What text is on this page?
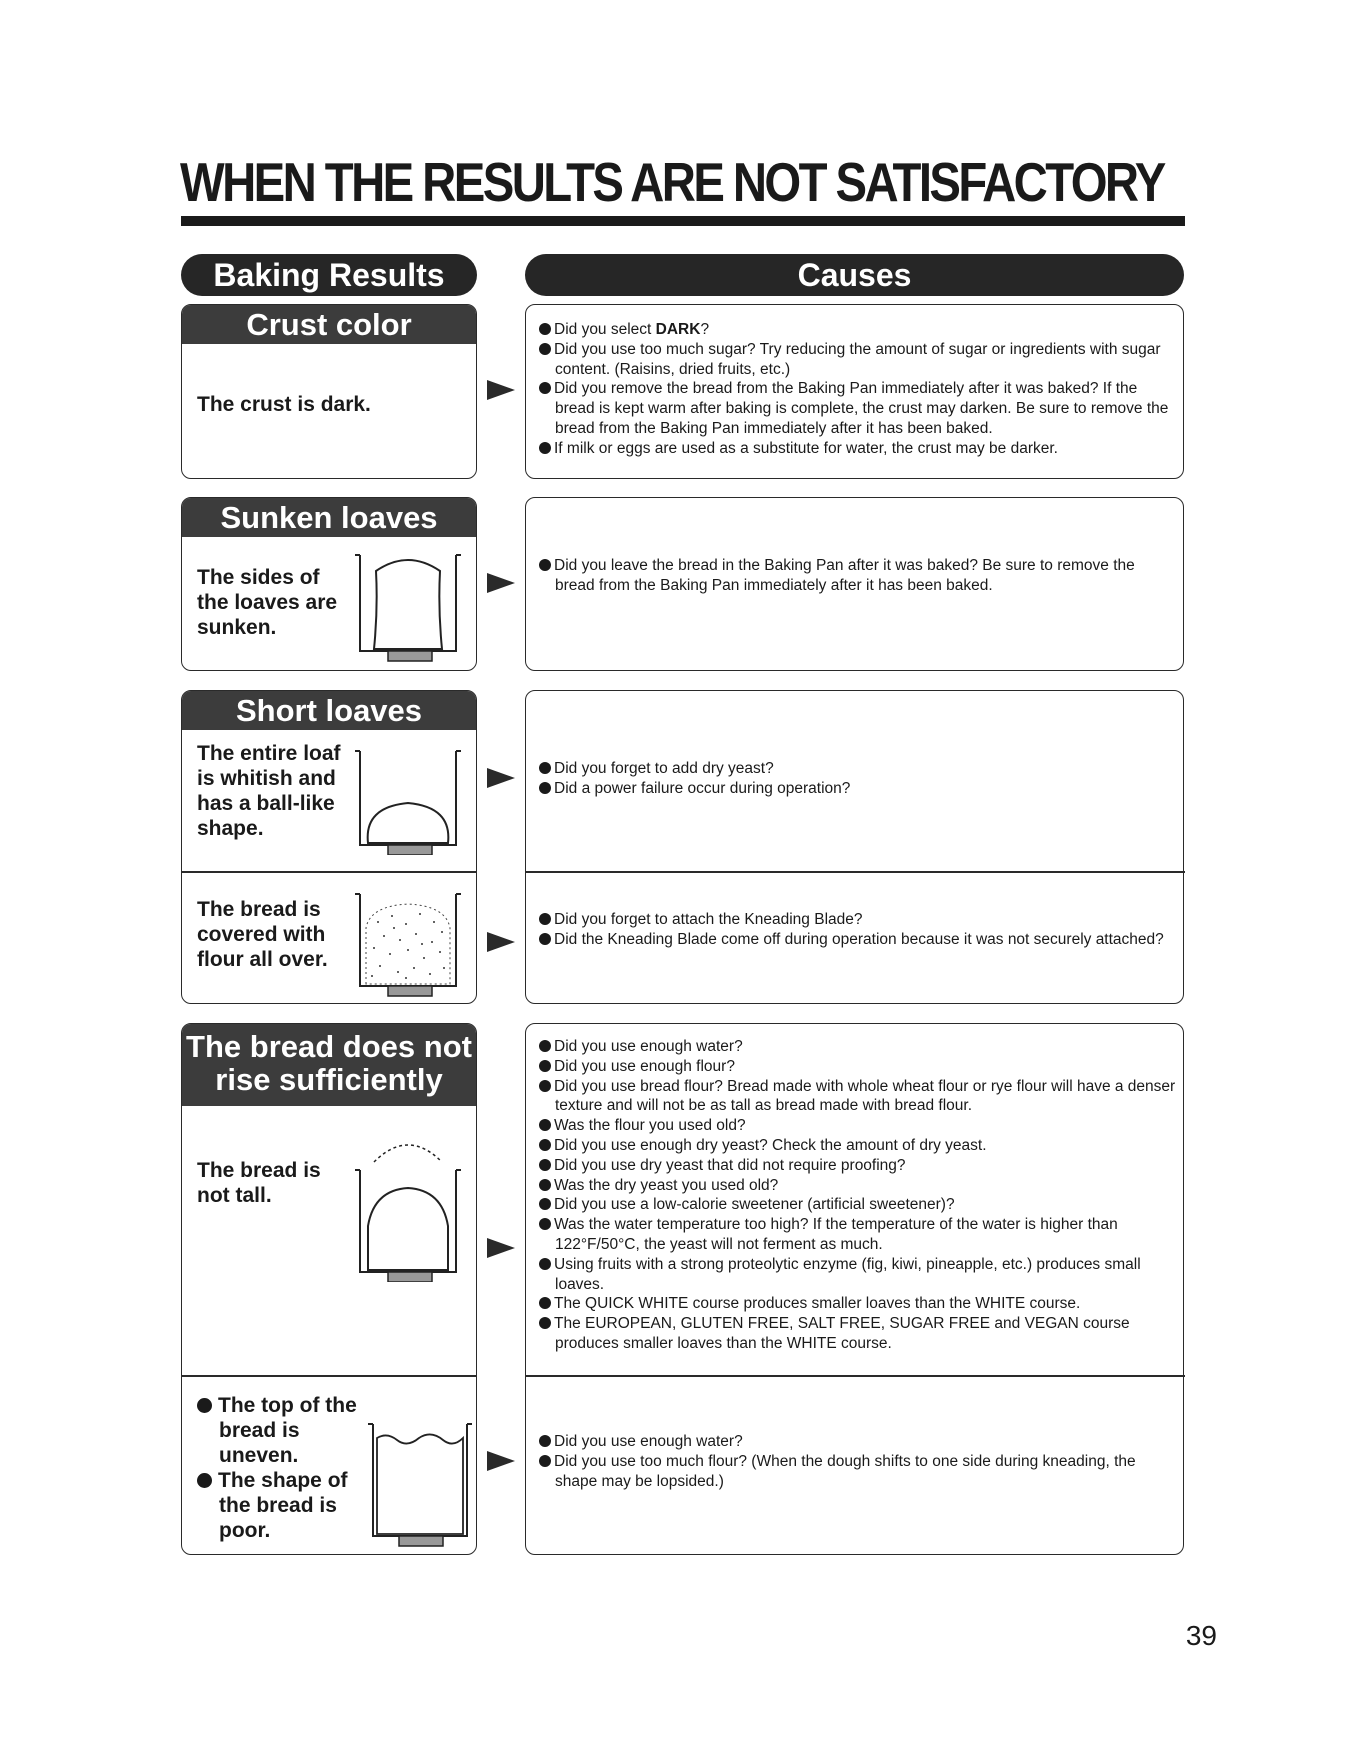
WHEN THE RESULTS ARE NOT SATISFACTORY
Baking Results	Causes
Crust color
The crust is dark.
Did you select DARK?
Did you use too much sugar? Try reducing the amount of sugar or ingredients with sugar content. (Raisins, dried fruits, etc.)
Did you remove the bread from the Baking Pan immediately after it was baked? If the bread is kept warm after baking is complete, the crust may darken. Be sure to remove the bread from the Baking Pan immediately after it has been baked.
If milk or eggs are used as a substitute for water, the crust may be darker.
Sunken loaves
The sides of the loaves are sunken.
Did you leave the bread in the Baking Pan after it was baked? Be sure to remove the bread from the Baking Pan immediately after it has been baked.
Short loaves
The entire loaf is whitish and has a ball-like shape.
The bread is covered with flour all over.
Did you forget to add dry yeast?
Did a power failure occur during operation?
Did you forget to attach the Kneading Blade?
Did the Kneading Blade come off during operation because it was not securely attached?
The bread does not
rise sufficiently
The bread is not tall.
The top of the bread is uneven.
The shape of the bread is poor.
Did you use enough water?
Did you use enough flour?
Did you use bread flour? Bread made with whole wheat flour or rye flour will have a denser texture and will not be as tall as bread made with bread flour.
Was the flour you used old?
Did you use enough dry yeast? Check the amount of dry yeast.
Did you use dry yeast that did not require proofing?
Was the dry yeast you used old?
Did you use a low-calorie sweetener (artificial sweetener)?
Was the water temperature too high? If the temperature of the water is higher than 122°F/50°C, the yeast will not ferment as much.
Using fruits with a strong proteolytic enzyme (fig, kiwi, pineapple, etc.) produces small loaves.
The QUICK WHITE course produces smaller loaves than the WHITE course.
The EUROPEAN, GLUTEN FREE, SALT FREE, SUGAR FREE and VEGAN course produces smaller loaves than the WHITE course.
Did you use enough water?
Did you use too much flour? (When the dough shifts to one side during kneading, the shape may be lopsided.)
39
